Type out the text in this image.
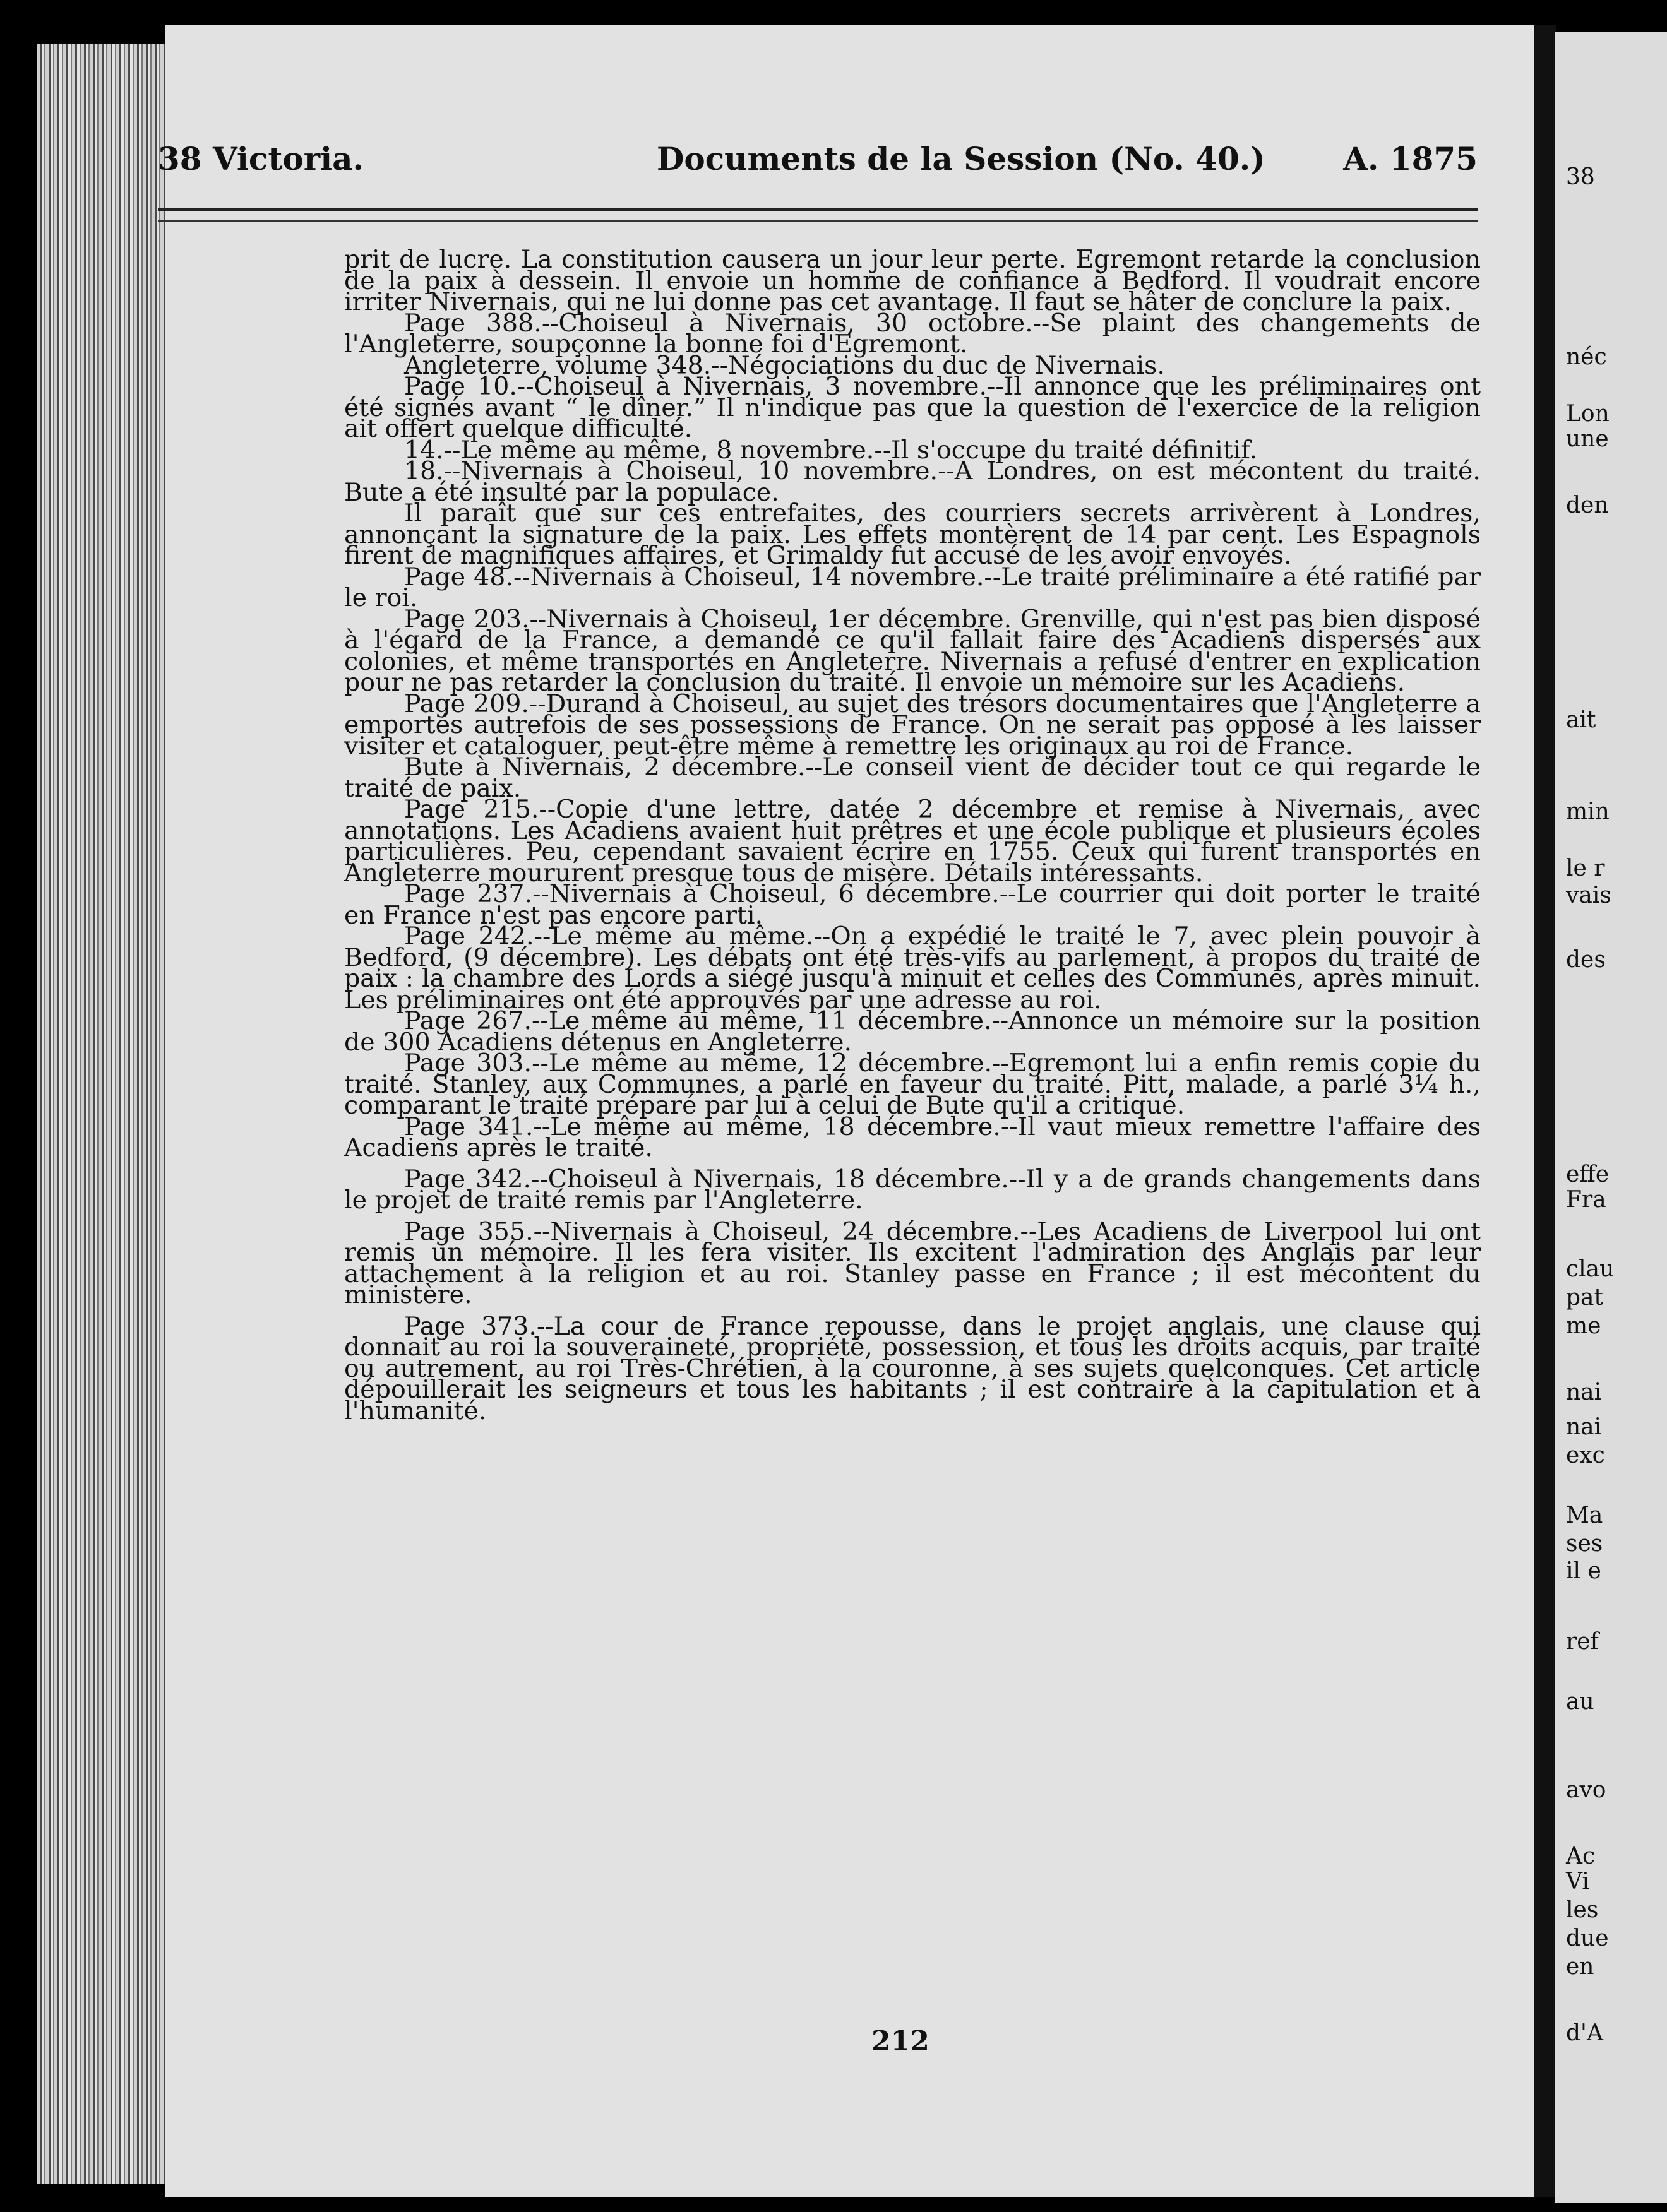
38
néc
Lon
une
den
ait
min
le r
vais
des
effe
Fra
clau
pat
me
nai
nai
exc
Ma
ses
il e
ref
au
avo
Ac
Vi
les
due
en
d'A
38 Victoria.	Documents de la Session (No. 40.) A. 1875

prit de lucre. La constitution causera un jour leur perte. Egremont retarde la conclusion de la paix à dessein. Il envoie un homme de confiance à Bedford. Il voudrait encore irriter Nivernais, qui ne lui donne pas cet avantage. Il faut se hâter de conclure la paix.

Page 388.--Choiseul à Nivernais, 30 octobre.--Se plaint des changements de l'Angleterre, soupçonne la bonne foi d'Egremont.

Angleterre, volume 348.--Négociations du duc de Nivernais.

Page 10.--Choiseul à Nivernais, 3 novembre.--Il annonce que les préliminaires ont été signés avant “ le dîner.” Il n'indique pas que la question de l'exercice de la religion ait offert quelque difficulté.

14.--Le même au même, 8 novembre.--Il s'occupe du traité définitif.

18.--Nivernais à Choiseul, 10 novembre.--A Londres, on est mécontent du traité. Bute a été insulté par la populace.

Il paraît que sur ces entrefaites, des courriers secrets arrivèrent à Londres, annonçant la signature de la paix. Les effets montèrent de 14 par cent. Les Espagnols firent de magnifiques affaires, et Grimaldy fut accusé de les avoir envoyés.

Page 48.--Nivernais à Choiseul, 14 novembre.--Le traité préliminaire a été ratifié par le roi.

Page 203.--Nivernais à Choiseul, 1er décembre. Grenville, qui n'est pas bien disposé à l'égard de la France, a demandé ce qu'il fallait faire des Acadiens dispersés aux colonies, et même transportés en Angleterre. Nivernais a refusé d'entrer en explication pour ne pas retarder la conclusion du traité. Il envoie un mémoire sur les Acadiens.

Page 209.--Durand à Choiseul, au sujet des trésors documentaires que l'Angleterre a emportés autrefois de ses possessions de France. On ne serait pas opposé à les laisser visiter et cataloguer, peut-être même à remettre les originaux au roi de France.

Bute à Nivernais, 2 décembre.--Le conseil vient de décider tout ce qui regarde le traité de paix.

Page 215.--Copie d'une lettre, datée 2 décembre et remise à Nivernais, avec annotations. Les Acadiens avaient huit prêtres et une école publique et plusieurs écoles particulières. Peu, cependant savaient écrire en 1755. Ceux qui furent transportés en Angleterre moururent presque tous de misère. Détails intéressants.

Page 237.--Nivernais à Choiseul, 6 décembre.--Le courrier qui doit porter le traité en France n'est pas encore parti.

Page 242.--Le même au même.--On a expédié le traité le 7, avec plein pouvoir à Bedford, (9 décembre). Les débats ont été très-vifs au parlement, à propos du traité de paix : la chambre des Lords a siégé jusqu'à minuit et celles des Communes, après minuit. Les préliminaires ont été approuvés par une adresse au roi.

Page 267.--Le même au même, 11 décembre.--Annonce un mémoire sur la position de 300 Acadiens détenus en Angleterre.

Page 303.--Le même au même, 12 décembre.--Egremont lui a enfin remis copie du traité. Stanley, aux Communes, a parlé en faveur du traité. Pitt, malade, a parlé 3¼ h., comparant le traité préparé par lui à celui de Bute qu'il a critiqué.

Page 341.--Le même au même, 18 décembre.--Il vaut mieux remettre l'affaire des Acadiens après le traité.

Page 342.--Choiseul à Nivernais, 18 décembre.--Il y a de grands changements dans le projet de traité remis par l'Angleterre.

Page 355.--Nivernais à Choiseul, 24 décembre.--Les Acadiens de Liverpool lui ont remis un mémoire. Il les fera visiter. Ils excitent l'admiration des Anglais par leur attachement à la religion et au roi. Stanley passe en France ; il est mécontent du ministère.

Page 373.--La cour de France repousse, dans le projet anglais, une clause qui donnait au roi la souveraineté, propriété, possession, et tous les droits acquis, par traité ou autrement, au roi Très-Chrétien, à la couronne, à ses sujets quelconques. Cet article dépouillerait les seigneurs et tous les habitants ; il est contraire à la capitulation et à l'humanité.

212
